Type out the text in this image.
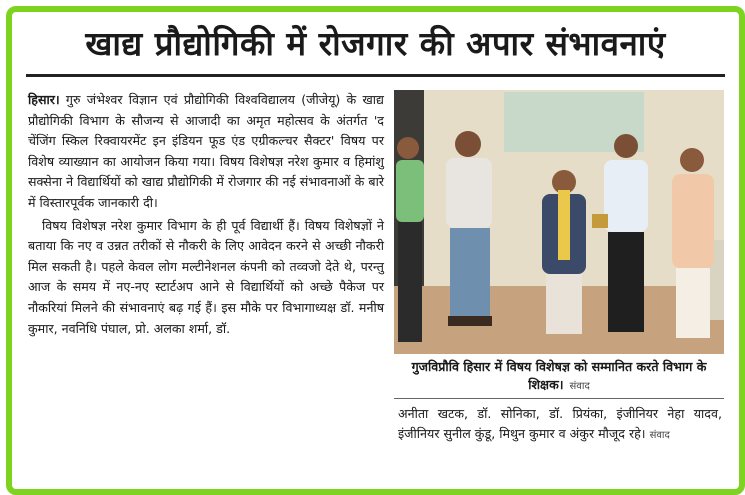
खाद्य प्रौद्योगिकी में रोजगार की अपार संभावनाएं

हिसार। गुरु जंभेश्वर विज्ञान एवं प्रौद्योगिकी विश्वविद्यालय (जीजेयू) के खाद्य प्रौद्योगिकी विभाग के सौजन्य से आजादी का अमृत महोत्सव के अंतर्गत 'द चेंजिंग स्किल रिक्वायरमेंट इन इंडियन फूड एंड एग्रीकल्चर सैक्टर' विषय पर विशेष व्याख्यान का आयोजन किया गया। विषय विशेषज्ञ नरेश कुमार व हिमांशु सक्सेना ने विद्यार्थियों को खाद्य प्रौद्योगिकी में रोजगार की नई संभावनाओं के बारे में विस्तारपूर्वक जानकारी दी।

विषय विशेषज्ञ नरेश कुमार विभाग के ही पूर्व विद्यार्थी हैं। विषय विशेषज्ञों ने बताया कि नए व उन्नत तरीकों से नौकरी के लिए आवेदन करने से अच्छी नौकरी मिल सकती है। पहले केवल लोग मल्टीनेशनल कंपनी को तव्वजो देते थे, परन्तु आज के समय में नए-नए स्टार्टअप आने से विद्यार्थियों को अच्छे पैकेज पर नौकरियां मिलने की संभावनाएं बढ़ गई हैं। इस मौके पर विभागाध्यक्ष डॉ. मनीष कुमार, नवनिधि पंघाल, प्रो. अलका शर्मा, डॉ.

गुजविप्रौवि हिसार में विषय विशेषज्ञ को सम्मानित करते विभाग के शिक्षक। संवाद
अनीता खटक, डॉ. सोनिका, डॉ. प्रियंका, इंजीनियर नेहा यादव, इंजीनियर सुनील कुंडू, मिथुन कुमार व अंकुर मौजूद रहे। संवाद
